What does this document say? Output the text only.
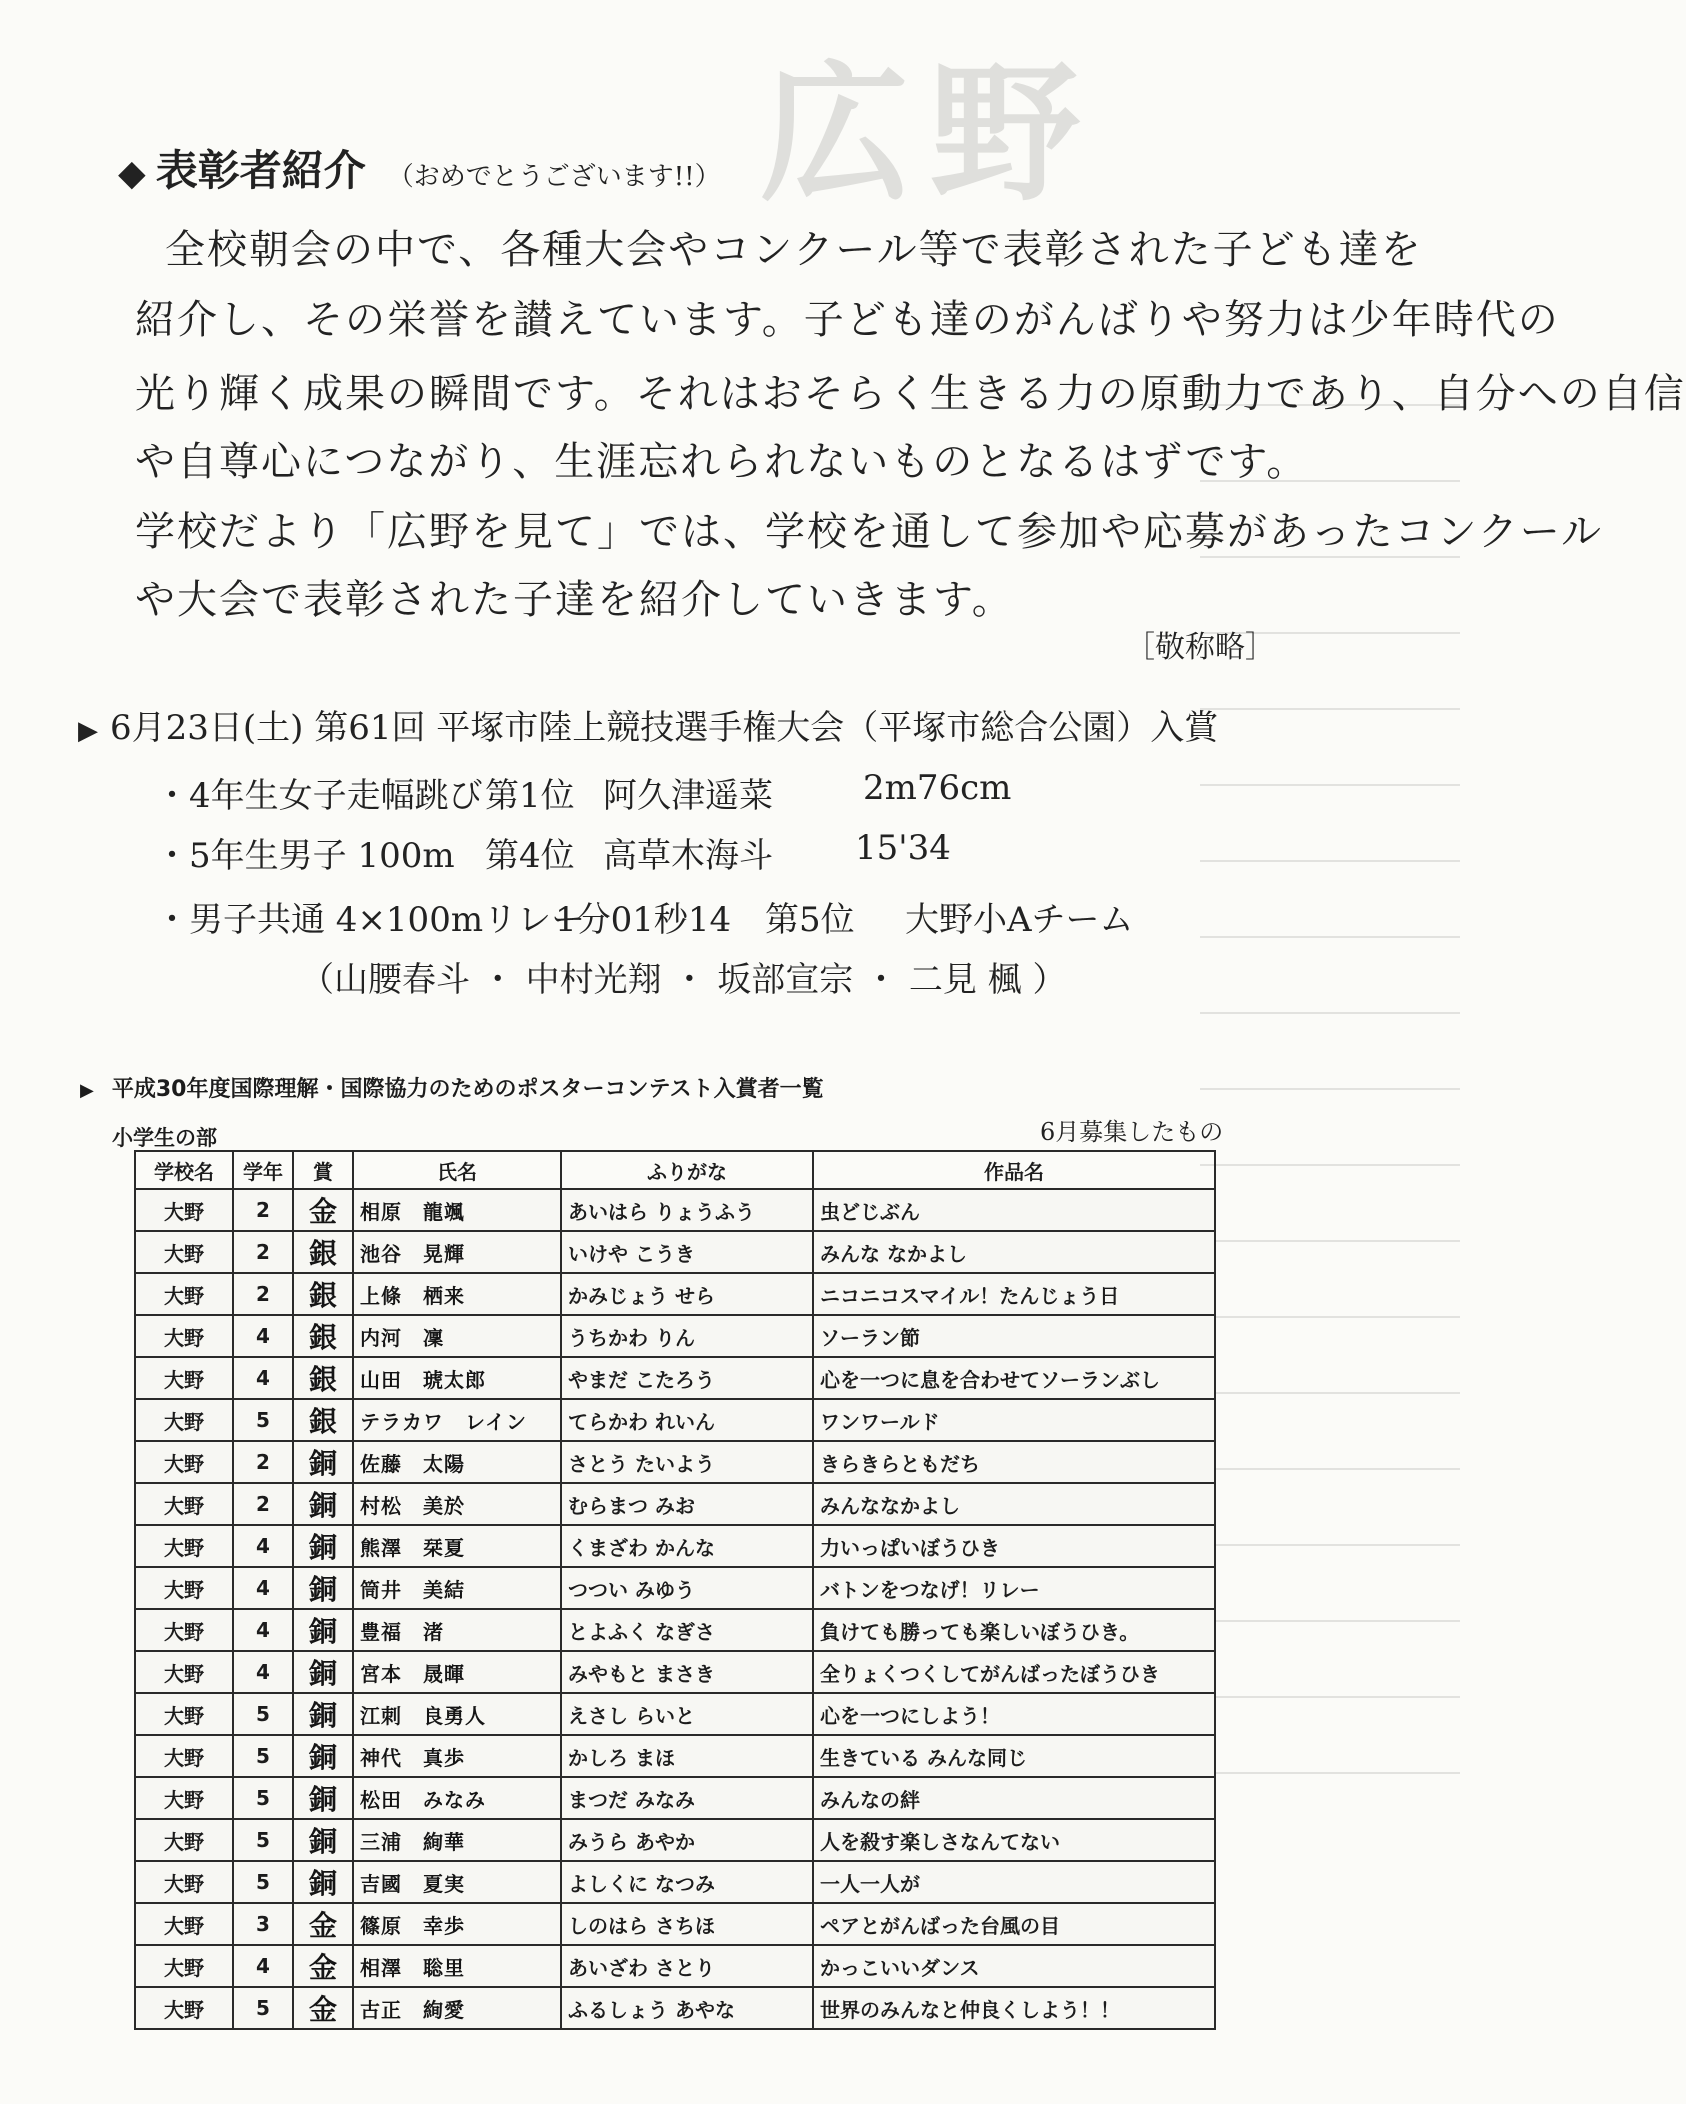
広野
◆ 表彰者紹介 （おめでとうございます!!）
全校朝会の中で、各種大会やコンクール等で表彰された子ども達を
紹介し、その栄誉を讃えています。子ども達のがんばりや努力は少年時代の
光り輝く成果の瞬間です。それはおそらく生きる力の原動力であり、自分への自信
や自尊心につながり、生涯忘れられないものとなるはずです。
学校だより「広野を見て」では、学校を通して参加や応募があったコンクール
や大会で表彰された子達を紹介していきます。
［敬称略］
▶ 6月23日(土) 第61回 平塚市陸上競技選手権大会（平塚市総合公園）入賞
・4年生女子走幅跳び 第1位 阿久津遥菜	2m76cm
・5年生男子 100m 第4位 高草木海斗 15'34
・男子共通 4×100mリレー
1分01秒14 第5位 大野小Aチーム
（山腰春斗 ・ 中村光翔 ・ 坂部宣宗 ・ 二見 楓 ）
▶ 平成30年度国際理解・国際協力のためのポスターコンテスト入賞者一覧
小学生の部	6月募集したもの
学校名	学年	賞	氏名	ふりがな	作品名
大野	2	金	相原　龍颯	あいはら りょうふう	虫どじぶん
大野	2	銀	池谷　晃輝	いけや こうき	みんな なかよし
大野	2	銀	上條　栖来	かみじょう せら	ニコニコスマイル！たんじょう日
大野	4	銀	内河　凜	うちかわ りん	ソーラン節
大野	4	銀	山田　琥太郎	やまだ こたろう	心を一つに息を合わせてソーランぶし
大野	5	銀	テラカワ　レイン	てらかわ れいん	ワンワールド
大野	2	銅	佐藤　太陽	さとう たいよう	きらきらともだち
大野	2	銅	村松　美於	むらまつ みお	みんななかよし
大野	4	銅	熊澤　栞夏	くまざわ かんな	力いっぱいぼうひき
大野	4	銅	筒井　美結	つつい みゆう	バトンをつなげ！リレー
大野	4	銅	豊福　渚	とよふく なぎさ	負けても勝っても楽しいぼうひき。
大野	4	銅	宮本　晟暉	みやもと まさき	全りょくつくしてがんばったぼうひき
大野	5	銅	江刺　良勇人	えさし らいと	心を一つにしよう！
大野	5	銅	神代　真歩	かしろ まほ	生きている みんな同じ
大野	5	銅	松田　みなみ	まつだ みなみ	みんなの絆
大野	5	銅	三浦　絢華	みうら あやか	人を殺す楽しさなんてない
大野	5	銅	吉國　夏実	よしくに なつみ	一人一人が
大野	3	金	篠原　幸歩	しのはら さちほ	ペアとがんばった台風の目
大野	4	金	相澤　聡里	あいざわ さとり	かっこいいダンス
大野	5	金	古正　絢愛	ふるしょう あやな	世界のみんなと仲良くしよう！！
